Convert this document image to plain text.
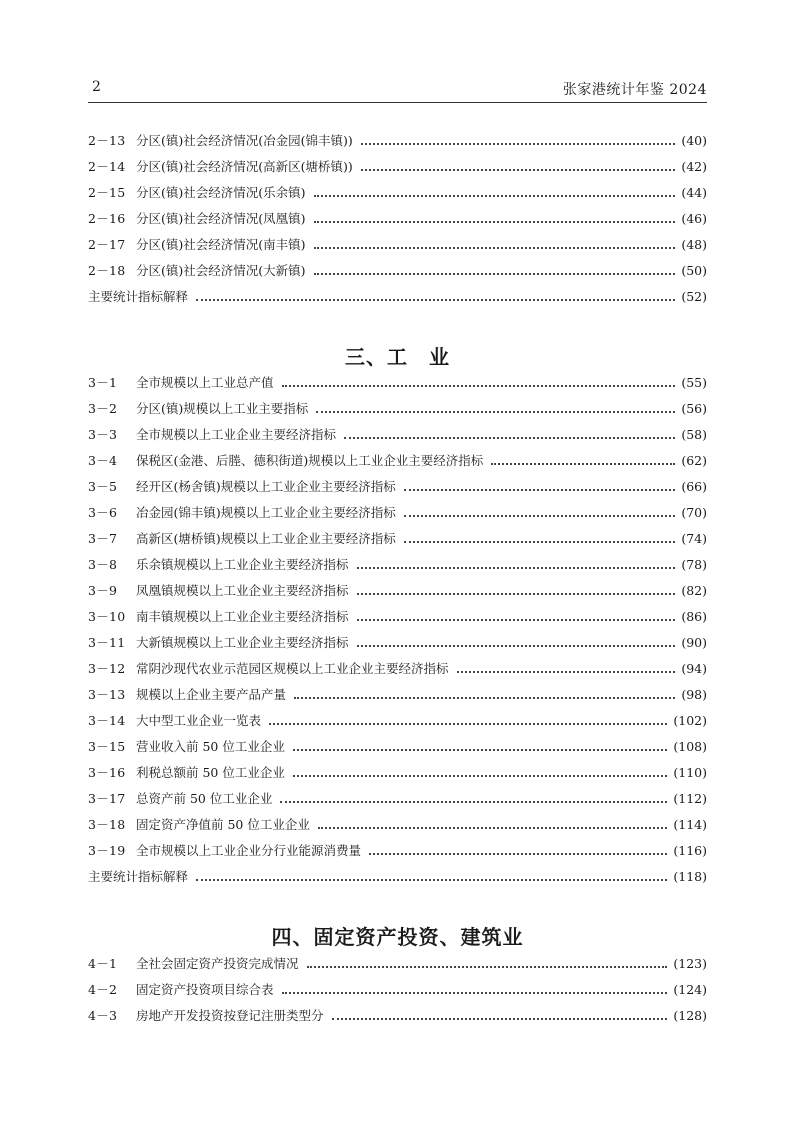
2	张家港统计年鉴 2024
2－13 分区(镇)社会经济情况(冶金园(锦丰镇))	(40)
2－14 分区(镇)社会经济情况(高新区(塘桥镇))	(42)
2－15 分区(镇)社会经济情况(乐余镇)	(44)
2－16 分区(镇)社会经济情况(凤凰镇)	(46)
2－17 分区(镇)社会经济情况(南丰镇)	(48)
2－18 分区(镇)社会经济情况(大新镇)	(50)
主要统计指标解释	(52)
三、工　业
3－1	全市规模以上工业总产值	(55)
3－2	分区(镇)规模以上工业主要指标	(56)
3－3	全市规模以上工业企业主要经济指标	(58)
3－4	保税区(金港、后塍、德积街道)规模以上工业企业主要经济指标	(62)
3－5	经开区(杨舍镇)规模以上工业企业主要经济指标	(66)
3－6	冶金园(锦丰镇)规模以上工业企业主要经济指标	(70)
3－7	高新区(塘桥镇)规模以上工业企业主要经济指标	(74)
3－8	乐余镇规模以上工业企业主要经济指标	(78)
3－9	凤凰镇规模以上工业企业主要经济指标	(82)
3－10 南丰镇规模以上工业企业主要经济指标	(86)
3－11 大新镇规模以上工业企业主要经济指标	(90)
3－12 常阴沙现代农业示范园区规模以上工业企业主要经济指标	(94)
3－13 规模以上企业主要产品产量	(98)
3－14 大中型工业企业一览表	(102)
3－15 营业收入前 50 位工业企业	(108)
3－16 利税总额前 50 位工业企业	(110)
3－17 总资产前 50 位工业企业	(112)
3－18 固定资产净值前 50 位工业企业	(114)
3－19 全市规模以上工业企业分行业能源消费量	(116)
主要统计指标解释	(118)
四、固定资产投资、建筑业
4－1	全社会固定资产投资完成情况	(123)
4－2	固定资产投资项目综合表	(124)
4－3	房地产开发投资按登记注册类型分	(128)
